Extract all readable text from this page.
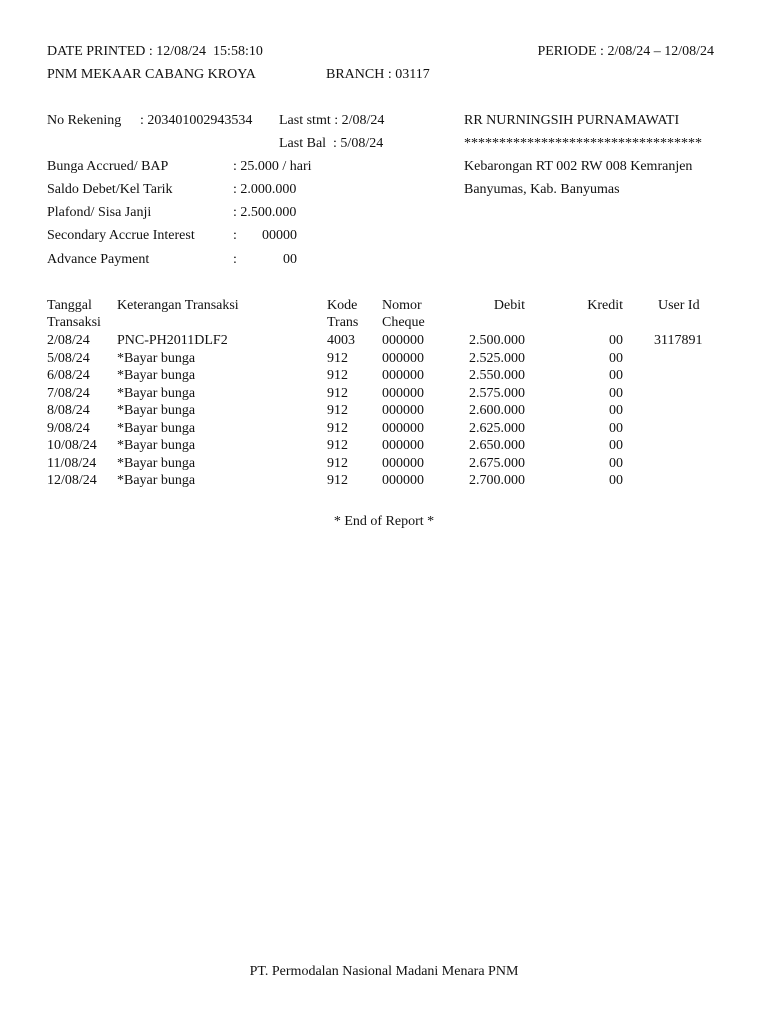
DATE PRINTED : 12/08/24  15:58:10	PERIODE : 2/08/24 – 12/08/24
PNM MEKAAR CABANG KROYA	BRANCH : 03117
No Rekening : 203401002943534 Last stmt : 2/08/24
Last Bal  : 5/08/24
Bunga Accrued/ BAP	: 25.000 / hari
Saldo Debet/Kel Tarik	: 2.000.000
Plafond/ Sisa Janji	: 2.500.000
Secondary Accrue Interest	:	00000
Advance Payment	:	00
RR NURNINGSIH PURNAMAWATI
**********************************
Kebarongan RT 002 RW 008 Kemranjen
Banyumas, Kab. Banyumas
Tanggal Keterangan Transaksi	Kode Nomor	Debit	Kredit	User Id
Transaksi	Trans Cheque
2/08/24 PNC-PH2011DLF2	4003 000000	2.500.000	00 3117891
5/08/24 *Bayar bunga	912 000000	2.525.000	00
6/08/24 *Bayar bunga	912 000000	2.550.000	00
7/08/24 *Bayar bunga	912 000000	2.575.000	00
8/08/24 *Bayar bunga	912 000000	2.600.000	00
9/08/24 *Bayar bunga	912 000000	2.625.000	00
10/08/24 *Bayar bunga	912 000000	2.650.000	00
11/08/24 *Bayar bunga	912 000000	2.675.000	00
12/08/24 *Bayar bunga	912 000000	2.700.000	00
* End of Report *
PT. Permodalan Nasional Madani Menara PNM
